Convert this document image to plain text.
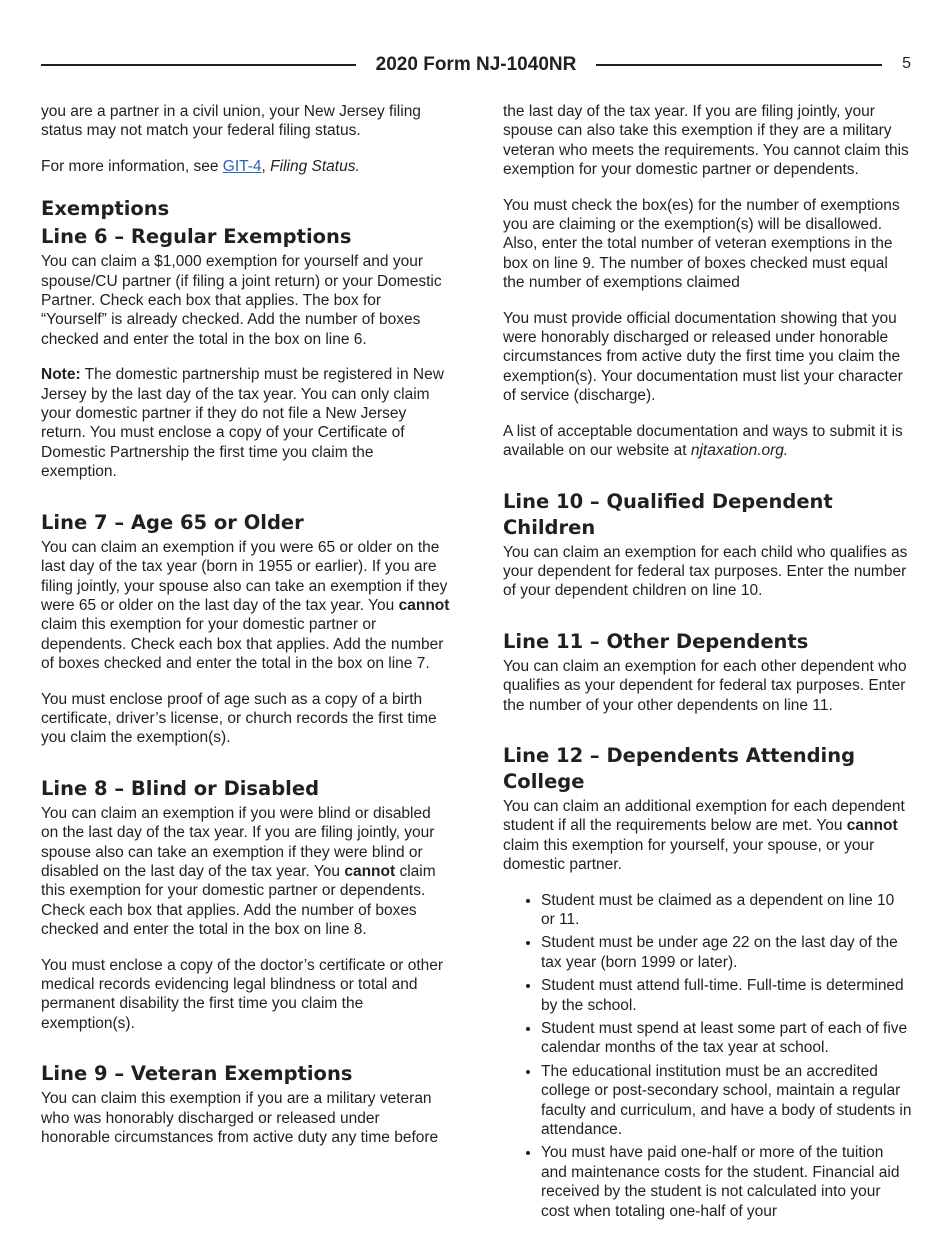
2020 Form NJ-1040NR	5

you are a partner in a civil union, your New Jersey filing status may not match your federal filing status.

For more information, see GIT-4, Filing Status.

Exemptions
Line 6 – Regular Exemptions

You can claim a $1,000 exemption for yourself and your spouse/CU partner (if filing a joint return) or your Domestic Partner. Check each box that applies. The box for “Yourself” is already checked. Add the number of boxes checked and enter the total in the box on line 6.

Note: The domestic partnership must be registered in New Jersey by the last day of the tax year. You can only claim your domestic partner if they do not file a New Jersey return. You must enclose a copy of your Certificate of Domestic Partnership the first time you claim the exemption.

Line 7 – Age 65 or Older

You can claim an exemption if you were 65 or older on the last day of the tax year (born in 1955 or earlier). If you are filing jointly, your spouse also can take an exemption if they were 65 or older on the last day of the tax year. You cannot claim this exemption for your domestic partner or dependents. Check each box that applies. Add the number of boxes checked and enter the total in the box on line 7.

You must enclose proof of age such as a copy of a birth certificate, driver’s license, or church records the first time you claim the exemption(s).

Line 8 – Blind or Disabled

You can claim an exemption if you were blind or disabled on the last day of the tax year. If you are filing jointly, your spouse also can take an exemption if they were blind or disabled on the last day of the tax year. You cannot claim this exemption for your domestic partner or dependents. Check each box that applies. Add the number of boxes checked and enter the total in the box on line 8.

You must enclose a copy of the doctor’s certificate or other medical records evidencing legal blindness or total and permanent disability the first time you claim the exemption(s).

Line 9 – Veteran Exemptions

You can claim this exemption if you are a military veteran who was honorably discharged or released under honorable circumstances from active duty any time before

the last day of the tax year. If you are filing jointly, your spouse can also take this exemption if they are a military veteran who meets the requirements. You cannot claim this exemption for your domestic partner or dependents.

You must check the box(es) for the number of exemptions you are claiming or the exemption(s) will be disallowed. Also, enter the total number of veteran exemptions in the box on line 9. The number of boxes checked must equal the number of exemptions claimed

You must provide official documentation showing that you were honorably discharged or released under honorable circumstances from active duty the first time you claim the exemption(s). Your documentation must list your character of service (discharge).

A list of acceptable documentation and ways to submit it is available on our website at njtaxation.org.

Line 10 – Qualified Dependent Children

You can claim an exemption for each child who qualifies as your dependent for federal tax purposes. Enter the number of your dependent children on line 10.

Line 11 – Other Dependents

You can claim an exemption for each other dependent who qualifies as your dependent for federal tax purposes. Enter the number of your other dependents on line 11.

Line 12 – Dependents Attending College

You can claim an additional exemption for each dependent student if all the requirements below are met. You cannot claim this exemption for yourself, your spouse, or your domestic partner.

• Student must be claimed as a dependent on line 10 or 11.
• Student must be under age 22 on the last day of the tax year (born 1999 or later).
• Student must attend full-time. Full-time is determined by the school.
• Student must spend at least some part of each of five calendar months of the tax year at school.
• The educational institution must be an accredited college or post-secondary school, maintain a regular faculty and curriculum, and have a body of students in attendance.
• You must have paid one-half or more of the tuition and maintenance costs for the student. Financial aid received by the student is not calculated into your cost when totaling one-half of your
